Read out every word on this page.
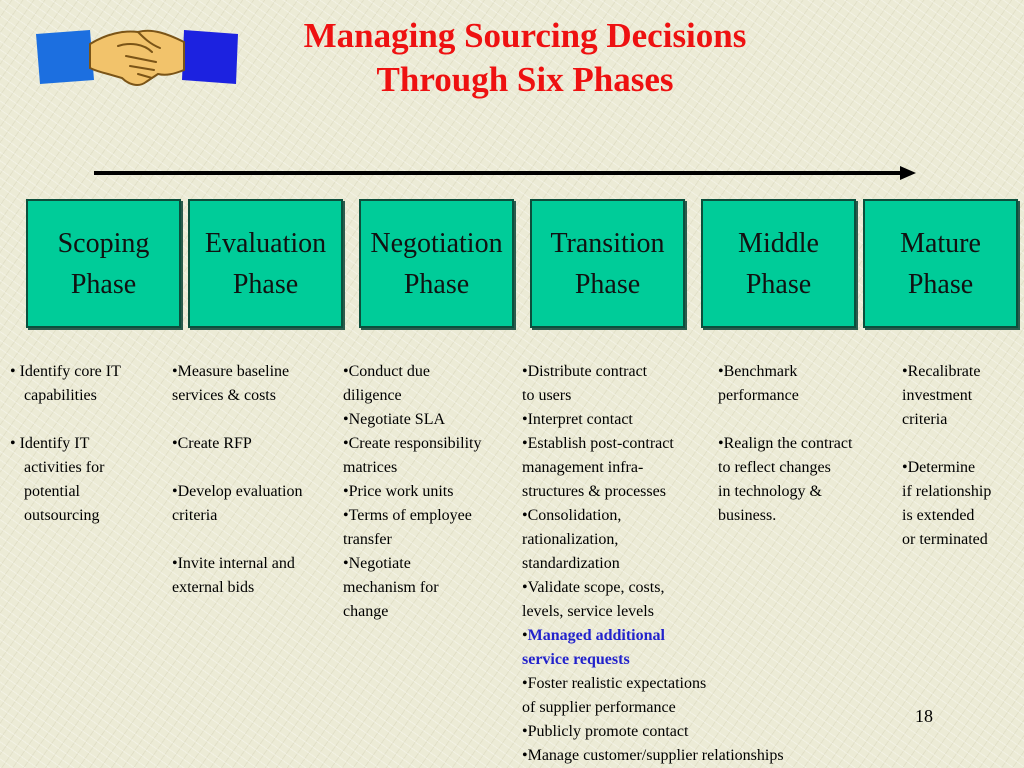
Managing Sourcing Decisions
Through Six Phases
Scoping
Phase
Evaluation
Phase
Negotiation
Phase
Transition
Phase
Middle
Phase
Mature
Phase
• Identify core IT
capabilities
• Identify IT
activities for
potential
outsourcing
•Measure baseline
services & costs
•Create RFP
•Develop evaluation
criteria
•Invite internal and
external bids
•Conduct due
diligence
•Negotiate SLA
•Create responsibility
matrices
•Price work units
•Terms of employee
transfer
•Negotiate
mechanism for
change
•Distribute contract
to users
•Interpret contact
•Establish post-contract
management infra-
structures & processes
•Consolidation,
rationalization,
standardization
•Validate scope, costs,
levels, service levels
•Managed additional
service requests
•Foster realistic expectations
of supplier performance
•Publicly promote contact
•Manage customer/supplier relationships
•Benchmark
performance
•Realign the contract
to reflect changes
in technology &
business.
•Recalibrate
investment
criteria
•Determine
if relationship
is extended
or terminated
18
